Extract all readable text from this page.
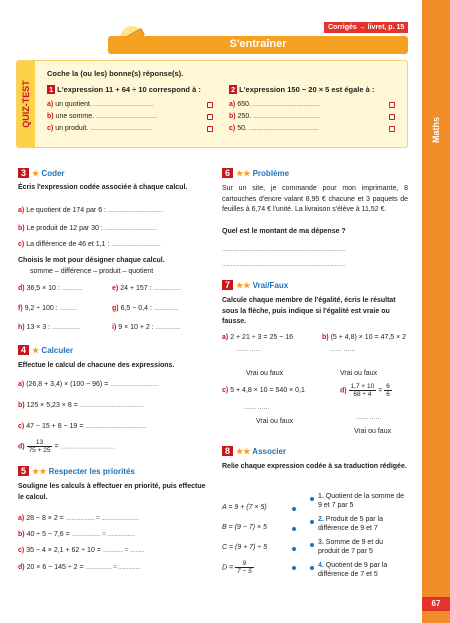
Corrigés → livret, p. 15
S'entraîner
Maths
67
QUIZ-TEST
Coche la (ou les) bonne(s) réponse(s).
1 L'expression 11 + 64 ÷ 10 correspond à :
a) un quotient. .........................................
b) une somme. ..........................................
c) un produit. ...........................................
2 L'expression 150 − 20 × 5 est égale à :
a) 650. ..............................................
b) 250. ..............................................
c) 50. ................................................
3 ★ Coder
Écris l'expression codée associée à chaque calcul.
a) Le quotient de 174 par 6 : ......................................
b) Le produit de 12 par 30 : ....................................
c) La différence de 46 et 1,1 : ..................................
Choisis le mot pour désigner chaque calcul.
somme – différence – produit – quotient
d) 36,5 × 10 : ..............	e) 24 + 157 : ...................
f) 9,2 ÷ 100 : ............	g) 6,5 − 0,4 : .................
h) 13 × 3 : ...................	i) 9 × 10 + 2 : .................
4 ★ Calculer
Effectue le calcul de chacune des expressions.
a) (26,8 + 3,4) × (100 − 96) = .................................
b) 125 × 5,23 × 8 = ............................................
c) 47 − 15 + 8 − 19 = ..........................................
$d) \frac{13}{75 + 25}$ = .....................................
5 ★★ Respecter les priorités
Souligne les calculs à effectuer en priorité, puis effectue le calcul.
a) 28 − 8 × 2 = .................... = ..........................
b) 40 ÷ 5 − 7,6 = .................... = ...................
c) 35 − 4 × 2,1 + 62 ÷ 10 = .............. = ..........
d) 20 × 6 − 145 ÷ 2 = .................. = ...............
6 ★★ Problème
Sur un site, je commande pour mon imprimante, 8 cartouches d'encre valant 8,95 € chacune et 3 paquets de feuilles à 6,74 € l'unité. La livraison s'élève à 11,52 €.
Quel est le montant de ma dépense ?
.....................................................................................
.....................................................................................
7 ★★ Vrai/Faux
Calcule chaque membre de l'égalité, écris le résultat sous la flèche, puis indique si l'égalité est vraie ou fausse.
a) 2 + 21 ÷ 3 = 25 − 16	b) (5 + 4,8) × 10 = 47,5 × 2
...... ......	...... ......
Vrai ou faux	Vrai ou faux
c) 5 + 4,8 × 10 = 540 × 0,1	$d) \frac{1,7 \times 10}{68 \div 4} = \frac{6}{6}$
...... ......
...... ......
Vrai ou faux
Vrai ou faux
8 ★★ Associer
Relie chaque expression codée à sa traduction rédigée.
A = 9 + (7 × 5)
B = (9 − 7) × 5
C = (9 + 7) ÷ 5
$D = \frac{9}{7 - 5}$
1. Quotient de la somme de 9 et 7 par 5
2. Produit de 5 par la différence de 9 et 7
3. Somme de 9 et du produit de 7 par 5
4. Quotient de 9 par la différence de 7 et 5
